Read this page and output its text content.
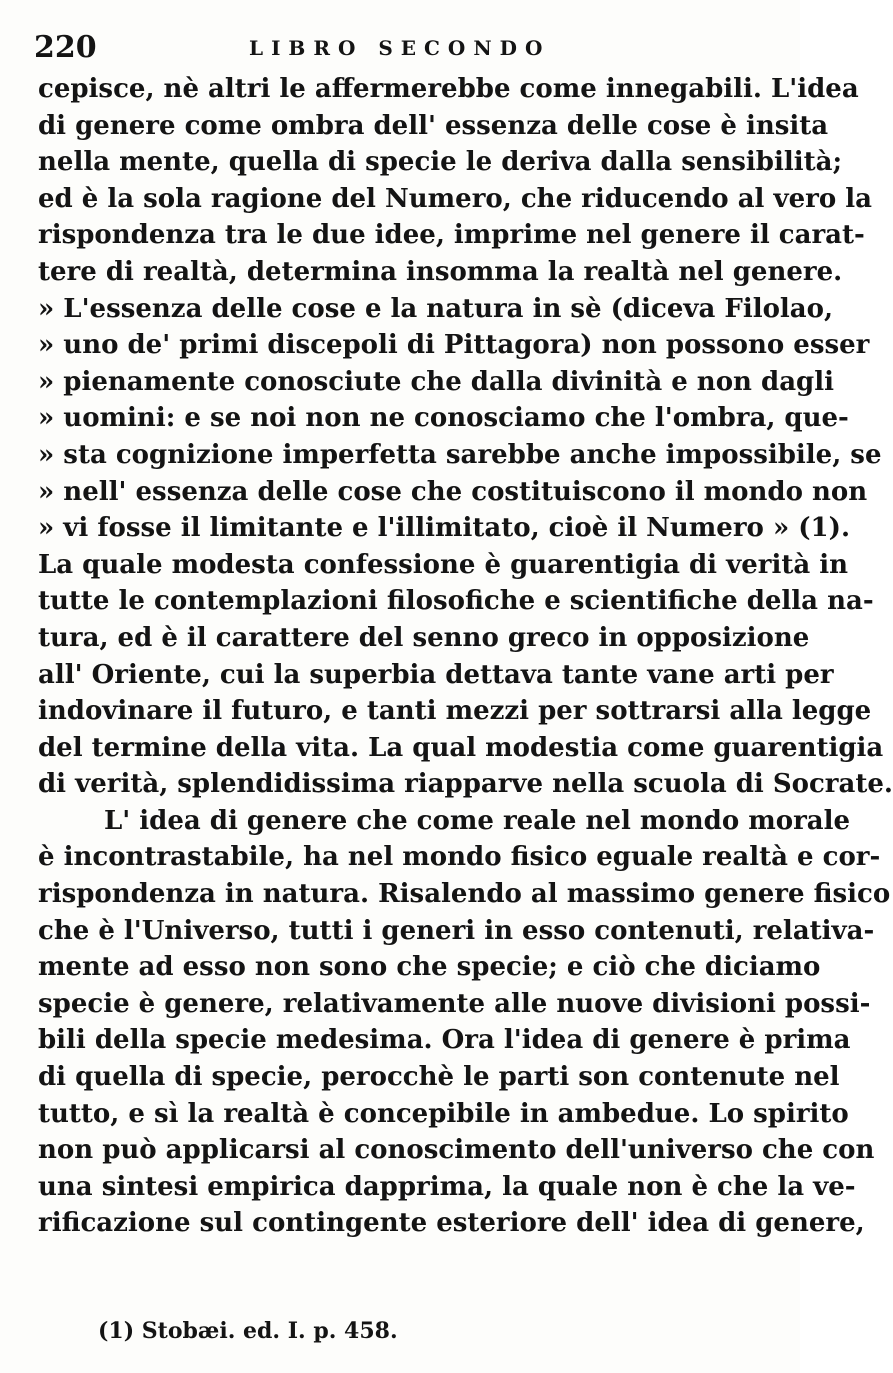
220	LIBRO SECONDO
cepisce, nè altri le affermerebbe come innegabili. L'idea
di genere come ombra dell' essenza delle cose è insita
nella mente, quella di specie le deriva dalla sensibilità;
ed è la sola ragione del Numero, che riducendo al vero la
rispondenza tra le due idee, imprime nel genere il carat-
tere di realtà, determina insomma la realtà nel genere.
» L'essenza delle cose e la natura in sè (diceva Filolao,
» uno de' primi discepoli di Pittagora) non possono esser
» pienamente conosciute che dalla divinità e non dagli
» uomini: e se noi non ne conosciamo che l'ombra, que-
» sta cognizione imperfetta sarebbe anche impossibile, se
» nell' essenza delle cose che costituiscono il mondo non
» vi fosse il limitante e l'illimitato, cioè il Numero » (1).
La quale modesta confessione è guarentigia di verità in
tutte le contemplazioni filosofiche e scientifiche della na-
tura, ed è il carattere del senno greco in opposizione
all' Oriente, cui la superbia dettava tante vane arti per
indovinare il futuro, e tanti mezzi per sottrarsi alla legge
del termine della vita. La qual modestia come guarentigia
di verità, splendidissima riapparve nella scuola di Socrate.
L' idea di genere che come reale nel mondo morale
è incontrastabile, ha nel mondo fisico eguale realtà e cor-
rispondenza in natura. Risalendo al massimo genere fisico
che è l'Universo, tutti i generi in esso contenuti, relativa-
mente ad esso non sono che specie; e ciò che diciamo
specie è genere, relativamente alle nuove divisioni possi-
bili della specie medesima. Ora l'idea di genere è prima
di quella di specie, perocchè le parti son contenute nel
tutto, e sì la realtà è concepibile in ambedue. Lo spirito
non può applicarsi al conoscimento dell'universo che con
una sintesi empirica dapprima, la quale non è che la ve-
rificazione sul contingente esteriore dell' idea di genere,
(1) Stobæi. ed. I. p. 458.
